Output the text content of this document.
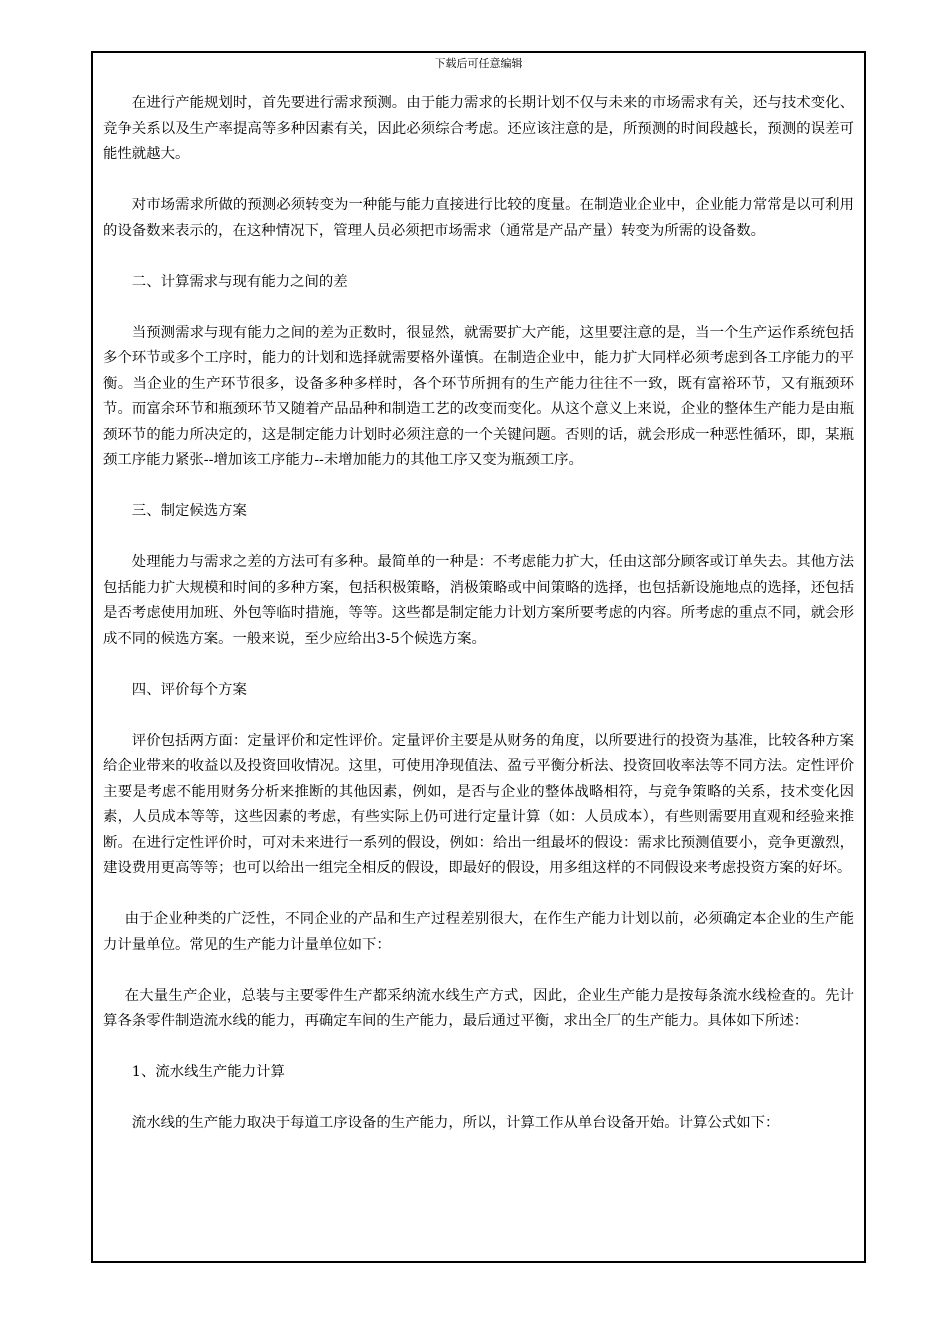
下载后可任意编辑

在进行产能规划时，首先要进行需求预测。由于能力需求的长期计划不仅与未来的市场需求有关，还与技术变化、竞争关系以及生产率提高等多种因素有关，因此必须综合考虑。还应该注意的是，所预测的时间段越长，预测的误差可能性就越大。

对市场需求所做的预测必须转变为一种能与能力直接进行比较的度量。在制造业企业中，企业能力常常是以可利用的设备数来表示的，在这种情况下，管理人员必须把市场需求（通常是产品产量）转变为所需的设备数。

二、计算需求与现有能力之间的差

当预测需求与现有能力之间的差为正数时，很显然，就需要扩大产能，这里要注意的是，当一个生产运作系统包括多个环节或多个工序时，能力的计划和选择就需要格外谨慎。在制造企业中，能力扩大同样必须考虑到各工序能力的平衡。当企业的生产环节很多，设备多种多样时，各个环节所拥有的生产能力往往不一致，既有富裕环节，又有瓶颈环节。而富余环节和瓶颈环节又随着产品品种和制造工艺的改变而变化。从这个意义上来说，企业的整体生产能力是由瓶颈环节的能力所决定的，这是制定能力计划时必须注意的一个关键问题。否则的话，就会形成一种恶性循环，即，某瓶颈工序能力紧张--增加该工序能力--未增加能力的其他工序又变为瓶颈工序。

三、制定候选方案

处理能力与需求之差的方法可有多种。最简单的一种是：不考虑能力扩大，任由这部分顾客或订单失去。其他方法包括能力扩大规模和时间的多种方案，包括积极策略，消极策略或中间策略的选择，也包括新设施地点的选择，还包括是否考虑使用加班、外包等临时措施，等等。这些都是制定能力计划方案所要考虑的内容。所考虑的重点不同，就会形成不同的候选方案。一般来说，至少应给出3-5个候选方案。

四、评价每个方案

评价包括两方面：定量评价和定性评价。定量评价主要是从财务的角度，以所要进行的投资为基准，比较各种方案给企业带来的收益以及投资回收情况。这里，可使用净现值法、盈亏平衡分析法、投资回收率法等不同方法。定性评价主要是考虑不能用财务分析来推断的其他因素，例如，是否与企业的整体战略相符，与竞争策略的关系，技术变化因素，人员成本等等，这些因素的考虑，有些实际上仍可进行定量计算（如：人员成本），有些则需要用直观和经验来推断。在进行定性评价时，可对未来进行一系列的假设，例如：给出一组最坏的假设：需求比预测值要小，竞争更激烈，建设费用更高等等；也可以给出一组完全相反的假设，即最好的假设，用多组这样的不同假设来考虑投资方案的好坏。

由于企业种类的广泛性，不同企业的产品和生产过程差别很大，在作生产能力计划以前，必须确定本企业的生产能力计量单位。常见的生产能力计量单位如下：

在大量生产企业，总装与主要零件生产都采纳流水线生产方式，因此，企业生产能力是按每条流水线检查的。先计算各条零件制造流水线的能力，再确定车间的生产能力，最后通过平衡，求出全厂的生产能力。具体如下所述：

1、流水线生产能力计算

流水线的生产能力取决于每道工序设备的生产能力，所以，计算工作从单台设备开始。计算公式如下：
